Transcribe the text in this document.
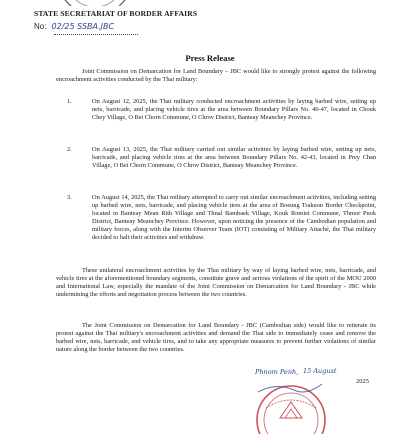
STATE SECRETARIAT OF BORDER AFFAIRS
No: 02/25 SSBA.JBC
Press Release
Joint Commission on Demarcation for Land Boundary – JBC would like to strongly protest against the following encroachment activities conducted by the Thai military:
1.	On August 12, 2025, the Thai military conducted encroachment activities by laying barbed wire, setting up nets, barricade, and placing vehicle tires at the area between Boundary Pillars No. 46-47, located in Chouk Chey Village, O Bei Chorn Commune, O Chrov District, Banteay Meanchey Province.
2.	On August 13, 2025, the Thai military carried out similar activities by laying barbed wire, setting up nets, barricade, and placing vehicle tires at the area between Boundary Pillars No. 42-43, located in Prey Chan Village, O Bei Chorn Commune, O Chrov District, Banteay Meanchey Province.
3.	On August 14, 2025, the Thai military attempted to carry out similar encroachment activities, including setting up barbed wire, nets, barricade, and placing vehicle tires at the area of Boeung Trakuon Border Checkpoint, located in Banteay Mean Rith Village and Thnal Bambaek Village, Kouk Romiet Commune, Thmor Puok District, Banteay Meanchey Province. However, upon noticing the presence of the Cambodian population and military forces, along with the Interim Observer Team (IOT) consisting of Military Attaché, the Thai military decided to halt their activities and withdraw.
These unilateral encroachment activities by the Thai military by way of laying barbed wire, nets, barricade, and vehicle tires at the aforementioned boundary segments, constitute grave and serious violations of the spirit of the MOU 2000 and International Law, especially the mandate of the Joint Commission on Demarcation for Land Boundary - JBC while undermining the efforts and negotiation process between the two countries.
The Joint Commission on Demarcation for Land Boundary - JBC (Cambodian side) would like to reiterate its protest against the Thai military's encroachment activities and demand the Thai side to immediately cease and remove the barbed wire, nets, barricade, and vehicle tires, and to take any appropriate measures to prevent further violations of similar nature along the border between the two countries.
Phnom Penh, 15 August
2025
